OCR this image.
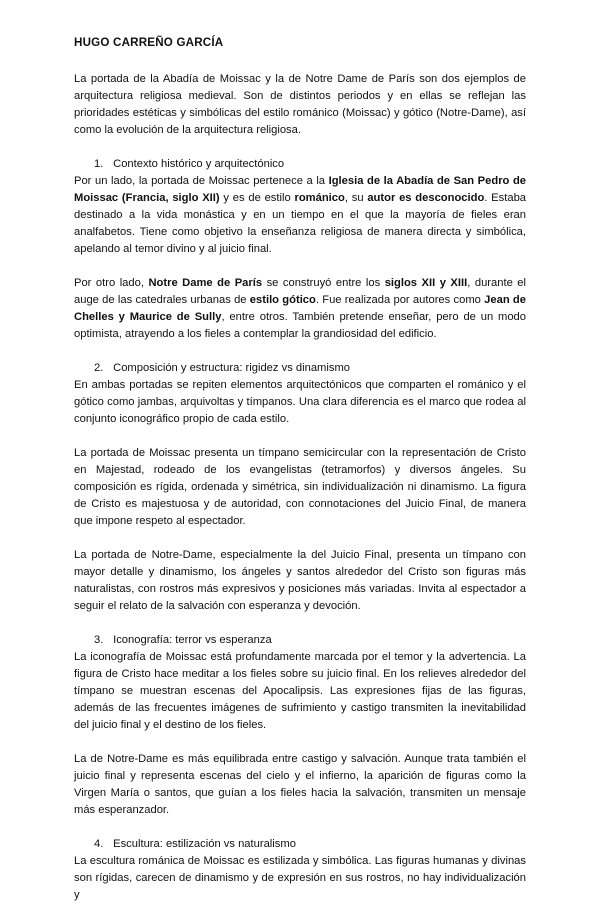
HUGO CARREÑO GARCÍA

La portada de la Abadía de Moissac y la de Notre Dame de París son dos ejemplos de arquitectura religiosa medieval. Son de distintos periodos y en ellas se reflejan las prioridades estéticas y simbólicas del estilo románico (Moissac) y gótico (Notre-Dame), así como la evolución de la arquitectura religiosa.

1. Contexto histórico y arquitectónico

Por un lado, la portada de Moissac pertenece a la Iglesia de la Abadía de San Pedro de Moissac (Francia, siglo XII) y es de estilo románico, su autor es desconocido. Estaba destinado a la vida monástica y en un tiempo en el que la mayoría de fieles eran analfabetos. Tiene como objetivo la enseñanza religiosa de manera directa y simbólica, apelando al temor divino y al juicio final.

Por otro lado, Notre Dame de París se construyó entre los siglos XII y XIII, durante el auge de las catedrales urbanas de estilo gótico. Fue realizada por autores como Jean de Chelles y Maurice de Sully, entre otros. También pretende enseñar, pero de un modo optimista, atrayendo a los fieles a contemplar la grandiosidad del edificio.

2. Composición y estructura: rigidez vs dinamismo

En ambas portadas se repiten elementos arquitectónicos que comparten el románico y el gótico como jambas, arquivoltas y tímpanos. Una clara diferencia es el marco que rodea al conjunto iconográfico propio de cada estilo.

La portada de Moissac presenta un tímpano semicircular con la representación de Cristo en Majestad, rodeado de los evangelistas (tetramorfos) y diversos ángeles. Su composición es rígida, ordenada y simétrica, sin individualización ni dinamismo. La figura de Cristo es majestuosa y de autoridad, con connotaciones del Juicio Final, de manera que impone respeto al espectador.

La portada de Notre-Dame, especialmente la del Juicio Final, presenta un tímpano con mayor detalle y dinamismo, los ángeles y santos alrededor del Cristo son figuras más naturalistas, con rostros más expresivos y posiciones más variadas. Invita al espectador a seguir el relato de la salvación con esperanza y devoción.

3. Iconografía: terror vs esperanza

La iconografía de Moissac está profundamente marcada por el temor y la advertencia. La figura de Cristo hace meditar a los fieles sobre su juicio final. En los relieves alrededor del tímpano se muestran escenas del Apocalipsis. Las expresiones fijas de las figuras, además de las frecuentes imágenes de sufrimiento y castigo transmiten la inevitabilidad del juicio final y el destino de los fieles.

La de Notre-Dame es más equilibrada entre castigo y salvación. Aunque trata también el juicio final y representa escenas del cielo y el infierno, la aparición de figuras como la Virgen María o santos, que guían a los fieles hacia la salvación, transmiten un mensaje más esperanzador.

4. Escultura: estilización vs naturalismo

La escultura románica de Moissac es estilizada y simbólica. Las figuras humanas y divinas son rígidas, carecen de dinamismo y de expresión en sus rostros, no hay individualización y
